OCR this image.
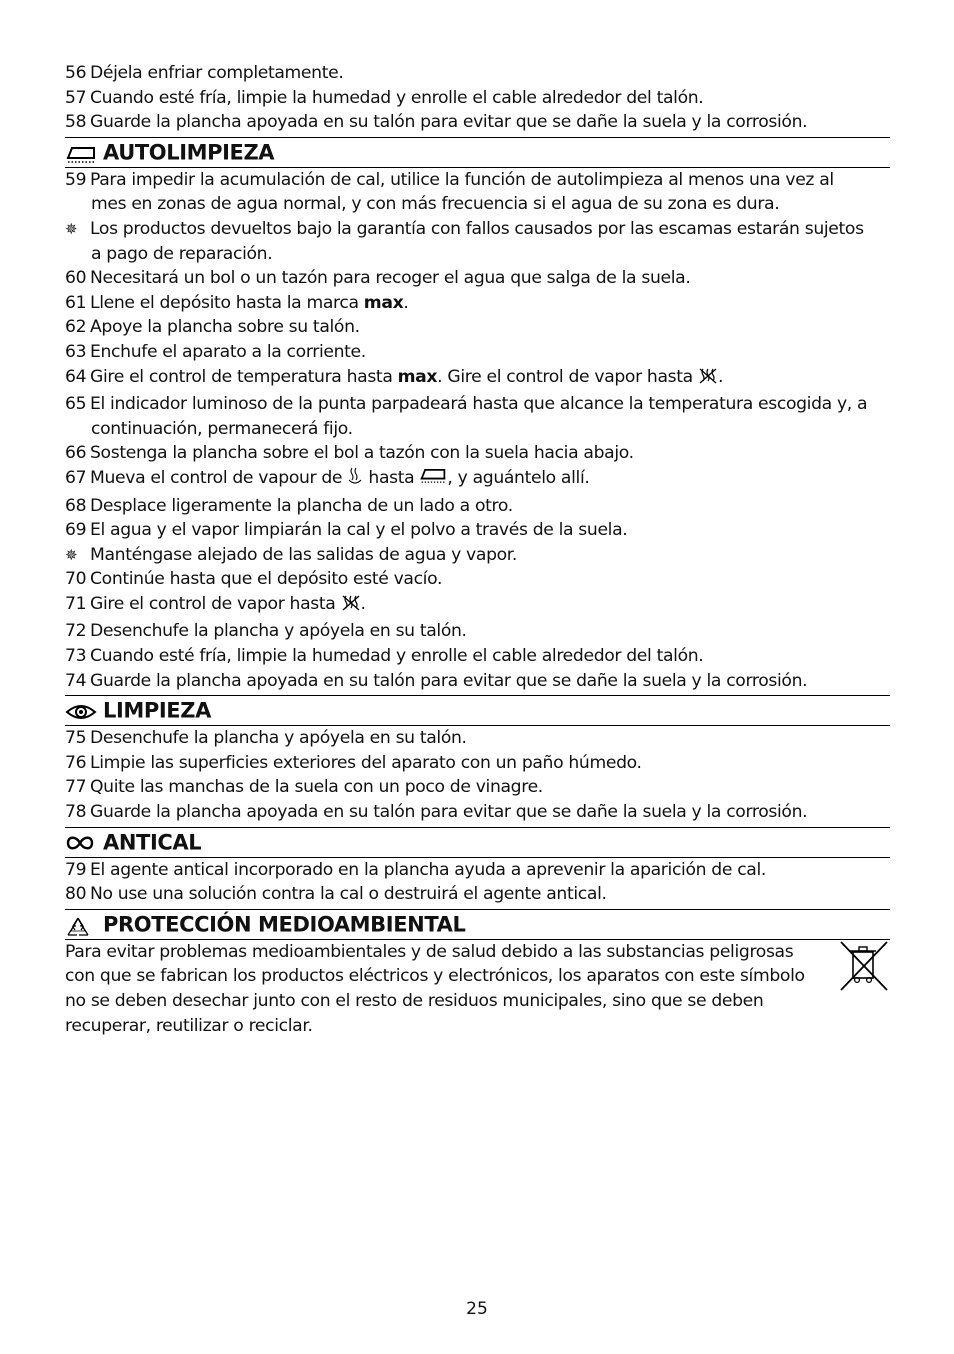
56 Déjela enfriar completamente.
57 Cuando esté fría, limpie la humedad y enrolle el cable alrededor del talón.
58 Guarde la plancha apoyada en su talón para evitar que se dañe la suela y la corrosión.
AUTOLIMPIEZA
59 Para impedir la acumulación de cal, utilice la función de autolimpieza al menos una vez al
mes en zonas de agua normal, y con más frecuencia si el agua de su zona es dura.
✵ Los productos devueltos bajo la garantía con fallos causados por las escamas estarán sujetos
a pago de reparación.
60 Necesitará un bol o un tazón para recoger el agua que salga de la suela.
61 Llene el depósito hasta la marca max.
62 Apoye la plancha sobre su talón.
63 Enchufe el aparato a la corriente.
64 Gire el control de temperatura hasta max. Gire el control de vapor hasta .
65 El indicador luminoso de la punta parpadeará hasta que alcance la temperatura escogida y, a
continuación, permanecerá fijo.
66 Sostenga la plancha sobre el bol a tazón con la suela hacia abajo.
67 Mueva el control de vapour de  hasta , y aguántelo allí.
68 Desplace ligeramente la plancha de un lado a otro.
69 El agua y el vapor limpiarán la cal y el polvo a través de la suela.
✵ Manténgase alejado de las salidas de agua y vapor.
70 Continúe hasta que el depósito esté vacío.
71 Gire el control de vapor hasta .
72 Desenchufe la plancha y apóyela en su talón.
73 Cuando esté fría, limpie la humedad y enrolle el cable alrededor del talón.
74 Guarde la plancha apoyada en su talón para evitar que se dañe la suela y la corrosión.
LIMPIEZA
75 Desenchufe la plancha y apóyela en su talón.
76 Limpie las superficies exteriores del aparato con un paño húmedo.
77 Quite las manchas de la suela con un poco de vinagre.
78 Guarde la plancha apoyada en su talón para evitar que se dañe la suela y la corrosión.
ANTICAL
79 El agente antical incorporado en la plancha ayuda a aprevenir la aparición de cal.
80 No use una solución contra la cal o destruirá el agente antical.
PROTECCIÓN MEDIOAMBIENTAL
Para evitar problemas medioambientales y de salud debido a las substancias peligrosas
con que se fabrican los productos eléctricos y electrónicos, los aparatos con este símbolo
no se deben desechar junto con el resto de residuos municipales, sino que se deben
recuperar, reutilizar o reciclar.
25
